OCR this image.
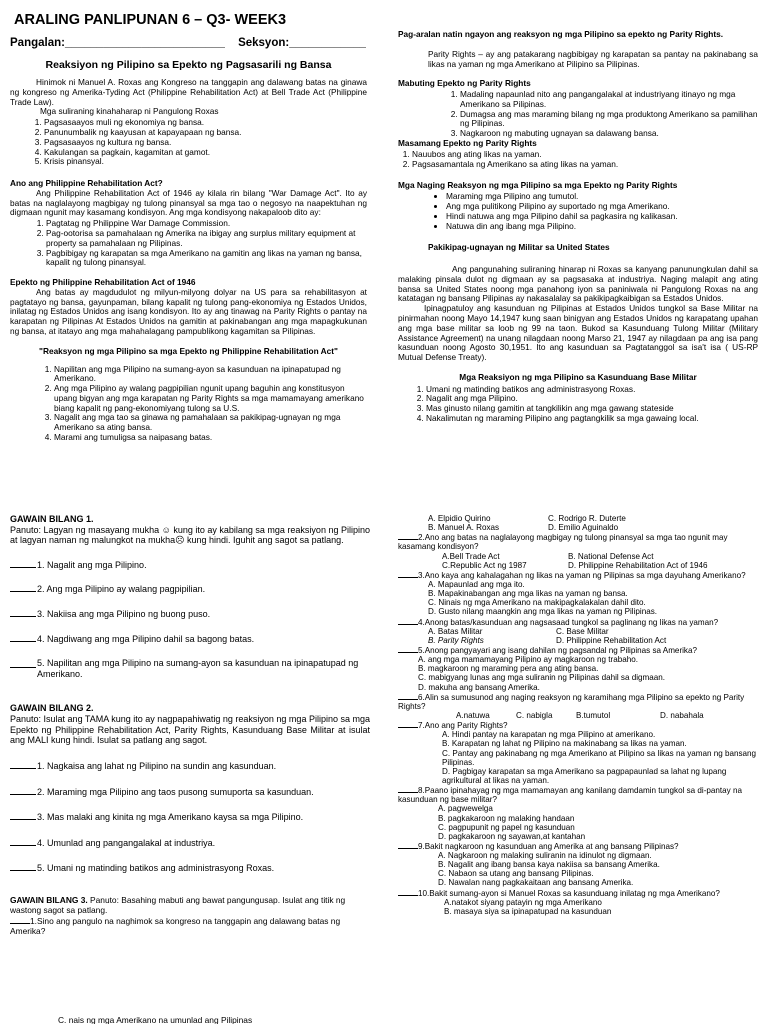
ARALING PANLIPUNAN 6 – Q3- WEEK3
Pangalan:_________________________ Seksyon:____________
Reaksiyon ng Pilipino sa Epekto ng Pagsasarili ng Bansa

Hinimok ni Manuel A. Roxas ang Kongreso na tanggapin ang dalawang batas na ginawa ng kongreso ng Amerika-Tyding Act (Philippine Rehabilitation Act) at Bell Trade Act (Philippine Trade Law).

Mga suliraning kinahaharap ni Pangulong Roxas

1. Pagsasaayos muli ng ekonomiya ng bansa.
2. Panunumbalik ng kaayusan at kapayapaan ng bansa.
3. Pagsasaayos ng kultura ng bansa.
4. Kakulangan sa pagkain, kagamitan at gamot.
5. Krisis pinansyal.

Ano ang Philippine Rehabilitation Act?

Ang Philippine Rehabilitation Act of 1946 ay kilala rin bilang "War Damage Act". Ito ay batas na naglalayong magbigay ng tulong pinansyal sa mga tao o negosyo na naapektuhan ng digmaan ngunit may kasamang kondisyon. Ang mga kondisyong nakapaloob dito ay:

1. Pagtatag ng Philippine War Damage Commission.
2. Pag-ootorisa sa pamahalaan ng Amerika na ibigay ang surplus military equipment at property sa pamahalaan ng Pilipinas.
3. Pagbibigay ng karapatan sa mga Amerikano na gamitin ang likas na yaman ng bansa, kapalit ng tulong pinansyal.

Epekto ng Philippine Rehabilitation Act of 1946

Ang batas ay magdudulot ng milyun-milyong dolyar na US para sa rehabilitasyon at pagtatayo ng bansa, gayunpaman, bilang kapalit ng tulong pang-ekonomiya ng Estados Unidos, inilatag ng Estados Unidos ang isang kondisyon. Ito ay ang tinawag na Parity Rights o pantay na karapatan ng Pilipinas At Estados Unidos na gamitin at pakinabangan ang mga mapagkukunan ng bansa, at itatayo ang mga mahahalagang pampublikong kagamitan sa Pilipinas.

"Reaksyon ng mga Pilipino sa mga Epekto ng Philippine Rehabilitation Act"

1. Napilitan ang mga Pilipino na sumang-ayon sa kasunduan na ipinapatupad ng Amerikano.
2. Ang mga Pilipino ay walang pagpipilian ngunit upang baguhin ang konstitusyon upang bigyan ang mga karapatan ng Parity Rights sa mga mamamayang amerikano biang kapalit ng pang-ekonomiyang tulong sa U.S.
3. Nagalit ang mga tao sa ginawa ng pamahalaan sa pakikipag-ugnayan ng mga Amerikano sa ating bansa.
4. Marami ang tumuligsa sa naipasang batas.

Pag-aralan natin ngayon ang reaksyon ng mga Pilipino sa epekto ng Parity Rights.

Parity Rights – ay ang patakarang nagbibigay ng karapatan sa pantay na pakinabang sa likas na yaman ng mga Amerikano at Pilipino sa Pilipinas.

Mabuting Epekto ng Parity Rights

1. Madaling napaunlad nito ang pangangalakal at industriyang itinayo ng mga Amerikano sa Pilipinas.
2. Dumagsa ang mas maraming bilang ng mga produktong Amerikano sa pamilihan ng Pilipinas.
3. Nagkaroon ng mabuting ugnayan sa dalawang bansa.

Masamang Epekto ng Parity Rights

1. Nauubos ang ating likas na yaman.
2. Pagsasamantala ng Amerikano sa ating likas na yaman.

Mga Naging Reaksyon ng mga Pilipino sa mga Epekto ng Parity Rights

• Maraming mga Pilipino ang tumutol.
• Ang mga pulitikong Pilipino ay suportado ng mga Amerikano.
• Hindi natuwa ang mga Pilipino dahil sa pagkasira ng kalikasan.
• Natuwa din ang ibang mga Pilipino.

Pakikipag-ugnayan ng Militar sa United States

Ang pangunahing suliraning hinarap ni Roxas sa kanyang panunungkulan dahil sa malaking pinsala dulot ng digmaan ay sa pagsasaka at industriya. Naging malapit ang ating bansa sa United States noong mga panahong iyon sa paniniwala ni Pangulong Roxas na ang katatagan ng bansang Pilipinas ay nakasalalay sa pakikipagkaibigan sa Estados Unidos.

Ipinagpatuloy ang kasunduan ng Pilipinas at Estados Unidos tungkol sa Base Militar na pinirmahan noong Mayo 14,1947 kung saan binigyan ang Estados Unidos ng karapatang upahan ang mga base militar sa loob ng 99 na taon. Bukod sa Kasunduang Tulong Militar (Military Assistance Agreement) na unang nilagdaan noong Marso 21, 1947 ay nilagdaan pa ang isa pang kasunduan noong Agosto 30,1951. Ito ang kasunduan sa Pagtatanggol sa isa't isa ( US-RP Mutual Defense Treaty).

Mga Reaksiyon ng mga Pilipino sa Kasunduang Base Militar

1. Umani ng matinding batikos ang administrasyong Roxas.
2. Nagalit ang mga Pilipino.
3. Mas ginusto nilang gamitin at tangkilikin ang mga gawang stateside
4. Nakalimutan ng maraming Pilipino ang pagtangkilik sa mga gawaing local.

GAWAIN BILANG 1.

Panuto: Lagyan ng masayang mukha ☺ kung ito ay kabilang sa mga reaksiyon ng Pilipino at lagyan naman ng malungkot na mukha☹ kung hindi. Iguhit ang sagot sa patlang.

1. Nagalit ang mga Pilipino.
2. Ang mga Pilipino ay walang pagpipilian.
3. Nakiisa ang mga Pilipino ng buong puso.
4. Nagdiwang ang mga Pilipino dahil sa bagong batas.
5. Napilitan ang mga Pilipino na sumang-ayon sa kasunduan na ipinapatupad ng Amerikano.

GAWAIN BILANG 2.

Panuto: Isulat ang TAMA kung ito ay nagpapahiwatig ng reaksiyon ng mga Pilipino sa mga Epekto ng Philippine Rehabilitation Act, Parity Rights, Kasunduang Base Militar at isulat ang MALI kung hindi. Isulat sa patlang ang sagot.

1. Nagkaisa ang lahat ng Pilipino na sundin ang kasunduan.
2. Maraming mga Pilipino ang taos pusong sumuporta sa kasunduan.
3. Mas malaki ang kinita ng mga Amerikano kaysa sa mga Pilipino.
4. Umunlad ang pangangalakal at industriya.
5. Umani ng matinding batikos ang administrasyong Roxas.

GAWAIN BILANG 3. Panuto: Basahing mabuti ang bawat pangungusap. Isulat ang titik ng wastong sagot sa patlang.

1.Sino ang pangulo na naghimok sa kongreso na tanggapin ang dalawang batas ng Amerika?

C. nais ng mga Amerikano na umunlad ang Pilipinas

A. Elpidio Quirino	C. Rodrigo R. Duterte
B. Manuel A. Roxas	D. Emilio Aguinaldo

2.Ano ang batas na naglalayong magbigay ng tulong pinansyal sa mga tao ngunit may kasamang kondisyon?

A.Bell Trade Act	B. National Defense Act
C.Republic Act ng 1987	D. Philippine Rehabilitation Act of 1946

3.Ano kaya ang kahalagahan ng likas na yaman ng Pilipinas sa mga dayuhang Amerikano?

A. Mapaunlad ang mga ito.
B. Mapakinabangan ang mga likas na yaman ng bansa.
C. Ninais ng mga Amerikano na makipagkalakalan dahil dito.
D. Gusto nilang maangkin ang mga likas na yaman ng Pilipinas.

4.Anong batas/kasunduan ang nagsasaad tungkol sa paglinang ng likas na yaman?

A. Batas Militar	C. Base Militar
B. Parity Rights	D. Philippine Rehabilitation Act

5.Anong pangyayari ang isang dahilan ng pagsandal ng Pilipinas sa Amerika?

A. ang mga mamamayang Pilipino ay magkaroon ng trabaho.
B. magkaroon ng maraming pera ang ating bansa.
C. mabigyang lunas ang mga suliranin ng Pilipinas dahil sa digmaan.
D. makuha ang bansang Amerika.

6.Alin sa sumusunod ang naging reaksyon ng karamihang mga Pilipino sa epekto ng Parity Rights?

A.natuwa	C. nabigla	B.tumutol	D. nabahala

7.Ano ang Parity Rights?

A. Hindi pantay na karapatan ng mga Pilipino at amerikano.
B. Karapatan ng lahat ng Pilipino na makinabang sa likas na yaman.
C. Pantay ang pakinabang ng mga Amerikano at Pilipino sa likas na yaman ng bansang Pilipinas.
D. Pagbigay karapatan sa mga Amerikano sa pagpapaunlad sa lahat ng lupang agrikultural at likas na yaman.

8.Paano ipinahayag ng mga mamamayan ang kanilang damdamin tungkol sa di-pantay na kasunduan ng base militar?

A. pagwewelga
B. pagkakaroon ng malaking handaan
C. pagpupunit ng papel ng kasunduan
D. pagkakaroon ng sayawan,at kantahan

9.Bakit nagkaroon ng kasunduan ang Amerika at ang bansang Pilipinas?

A. Nagkaroon ng malaking suliranin na idinulot ng digmaan.
B. Nagalit ang ibang bansa kaya nakiisa sa bansang Amerika.
C. Nabaon sa utang ang bansang Pilipinas.
D. Nawalan nang pagkakaitaan ang bansang Amerika.

10.Bakit sumang-ayon si Manuel Roxas sa kasunduang inilatag ng mga Amerikano?

A.natakot siyang patayin ng mga Amerikano
B. masaya siya sa ipinapatupad na kasunduan
